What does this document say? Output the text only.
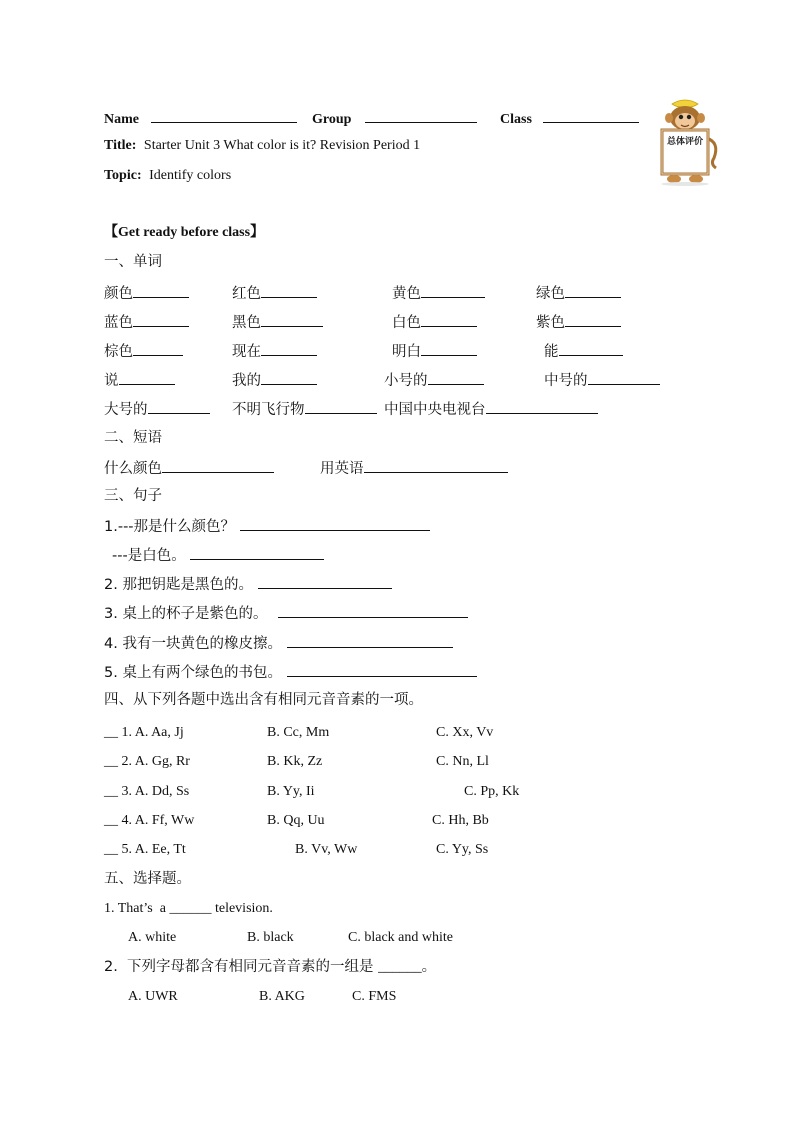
Name	Group	Class
Title: Starter Unit 3 What color is it? Revision Period 1
Topic: Identify colors
总体评价
【Get ready before class】
一、单词
颜色	红色	黄色	绿色
蓝色	黑色	白色	紫色
棕色	现在	明白	能
说	我的	小号的	中号的
大号的	不明飞行物	中国中央电视台
二、短语
什么颜色	用英语
三、句子
1.---那是什么颜色？
---是白色。
2. 那把钥匙是黑色的。
3. 桌上的杯子是紫色的。
4. 我有一块黄色的橡皮擦。
5. 桌上有两个绿色的书包。
四、从下列各题中选出含有相同元音音素的一项。
__ 1. A. Aa, Jj	B. Cc, Mm	C. Xx, Vv
__ 2. A. Gg, Rr	B. Kk, Zz	C. Nn, Ll
__ 3. A. Dd, Ss	B. Yy, Ii	C. Pp, Kk
__ 4. A. Ff, Ww	B. Qq, Uu	C. Hh, Bb
__ 5. A. Ee, Tt	B. Vv, Ww	C. Yy, Ss
五、选择题。
1. That’s  a ______ television.
A. white	B. black	C. black and white
2.  下列字母都含有相同元音音素的一组是 ______。
A. UWR	B. AKG	C. FMS
